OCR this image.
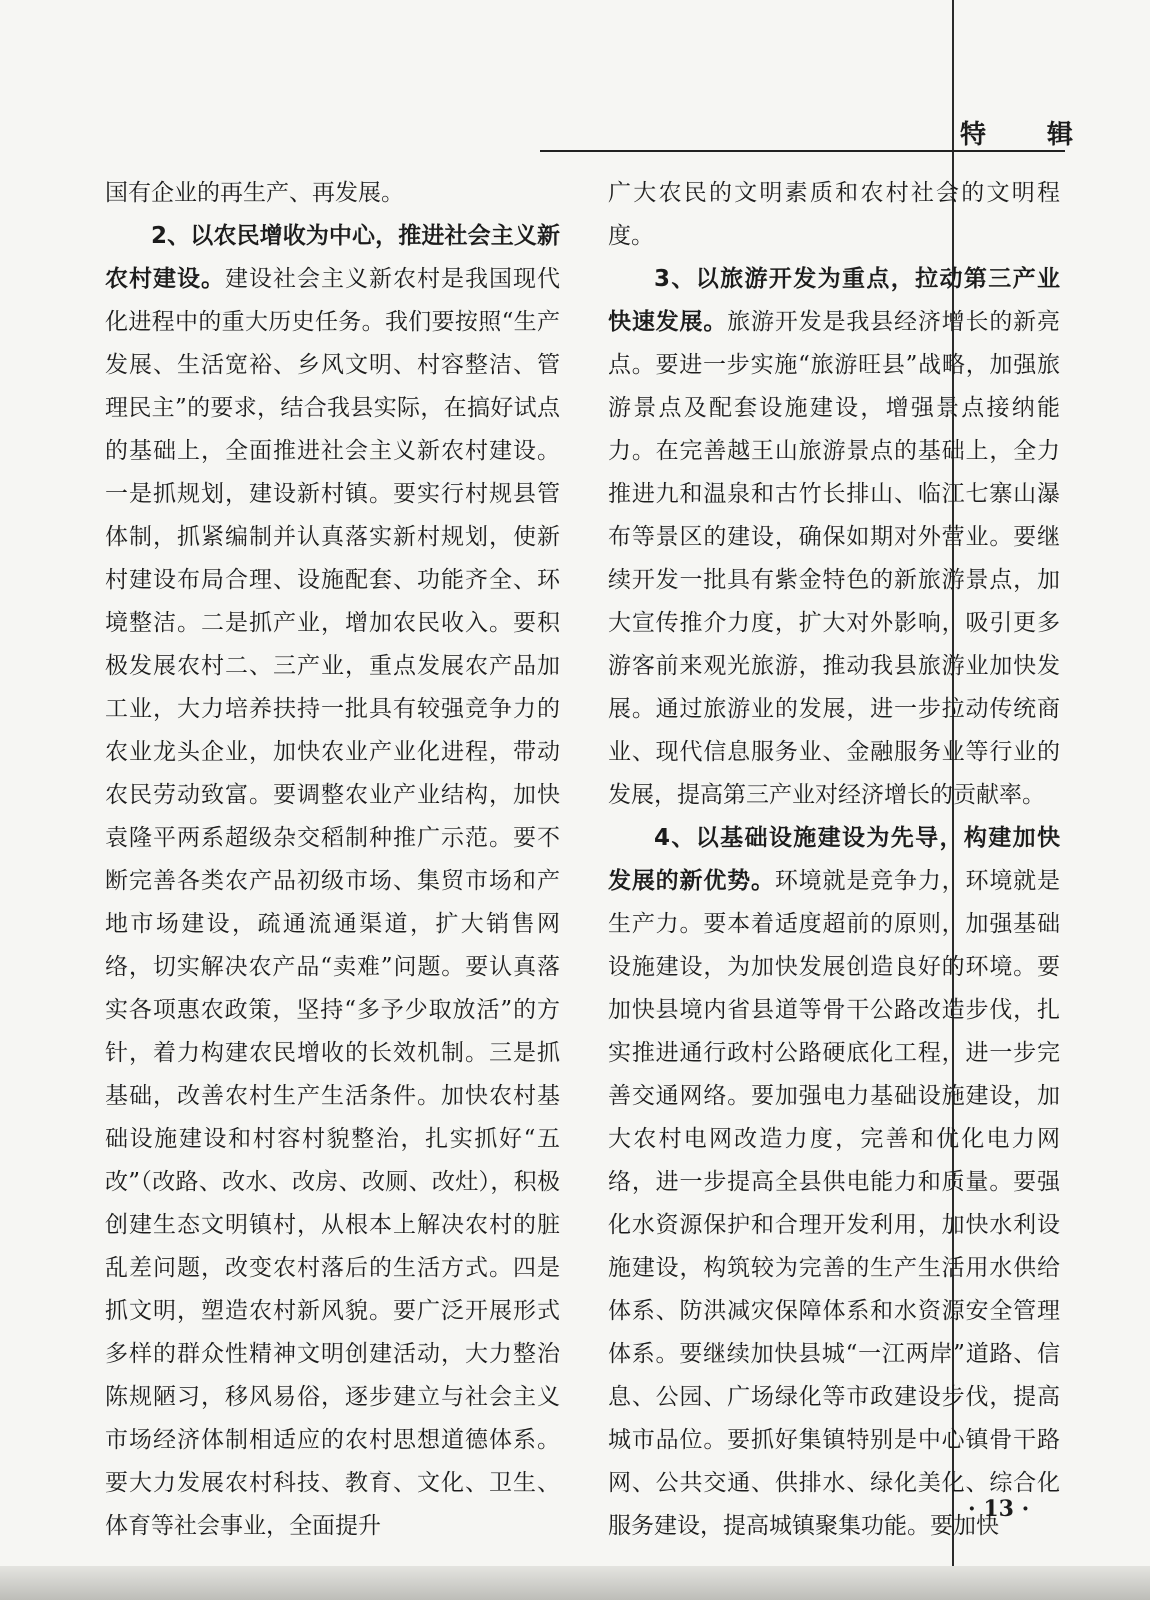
特 辑

国有企业的再生产、再发展。

2、以农民增收为中心，推进社会主义新农村建设。建设社会主义新农村是我国现代化进程中的重大历史任务。我们要按照“生产发展、生活宽裕、乡风文明、村容整洁、管理民主”的要求，结合我县实际，在搞好试点的基础上，全面推进社会主义新农村建设。一是抓规划，建设新村镇。要实行村规县管体制，抓紧编制并认真落实新村规划，使新村建设布局合理、设施配套、功能齐全、环境整洁。二是抓产业，增加农民收入。要积极发展农村二、三产业，重点发展农产品加工业，大力培养扶持一批具有较强竞争力的农业龙头企业，加快农业产业化进程，带动农民劳动致富。要调整农业产业结构，加快袁隆平两系超级杂交稻制种推广示范。要不断完善各类农产品初级市场、集贸市场和产地市场建设，疏通流通渠道，扩大销售网络，切实解决农产品“卖难”问题。要认真落实各项惠农政策，坚持“多予少取放活”的方针，着力构建农民增收的长效机制。三是抓基础，改善农村生产生活条件。加快农村基础设施建设和村容村貌整治，扎实抓好“五改”（改路、改水、改房、改厕、改灶），积极创建生态文明镇村，从根本上解决农村的脏乱差问题，改变农村落后的生活方式。四是抓文明，塑造农村新风貌。要广泛开展形式多样的群众性精神文明创建活动，大力整治陈规陋习，移风易俗，逐步建立与社会主义市场经济体制相适应的农村思想道德体系。要大力发展农村科技、教育、文化、卫生、体育等社会事业，全面提升

广大农民的文明素质和农村社会的文明程度。

3、以旅游开发为重点，拉动第三产业快速发展。旅游开发是我县经济增长的新亮点。要进一步实施“旅游旺县”战略，加强旅游景点及配套设施建设，增强景点接纳能力。在完善越王山旅游景点的基础上，全力推进九和温泉和古竹长排山、临江七寨山瀑布等景区的建设，确保如期对外营业。要继续开发一批具有紫金特色的新旅游景点，加大宣传推介力度，扩大对外影响，吸引更多游客前来观光旅游，推动我县旅游业加快发展。通过旅游业的发展，进一步拉动传统商业、现代信息服务业、金融服务业等行业的发展，提高第三产业对经济增长的贡献率。

4、以基础设施建设为先导，构建加快发展的新优势。环境就是竞争力，环境就是生产力。要本着适度超前的原则，加强基础设施建设，为加快发展创造良好的环境。要加快县境内省县道等骨干公路改造步伐，扎实推进通行政村公路硬底化工程，进一步完善交通网络。要加强电力基础设施建设，加大农村电网改造力度，完善和优化电力网络，进一步提高全县供电能力和质量。要强化水资源保护和合理开发利用，加快水利设施建设，构筑较为完善的生产生活用水供给体系、防洪减灾保障体系和水资源安全管理体系。要继续加快县城“一江两岸”道路、信息、公园、广场绿化等市政建设步伐，提高城市品位。要抓好集镇特别是中心镇骨干路网、公共交通、供排水、绿化美化、综合化服务建设，提高城镇聚集功能。要加快

· 13 ·
